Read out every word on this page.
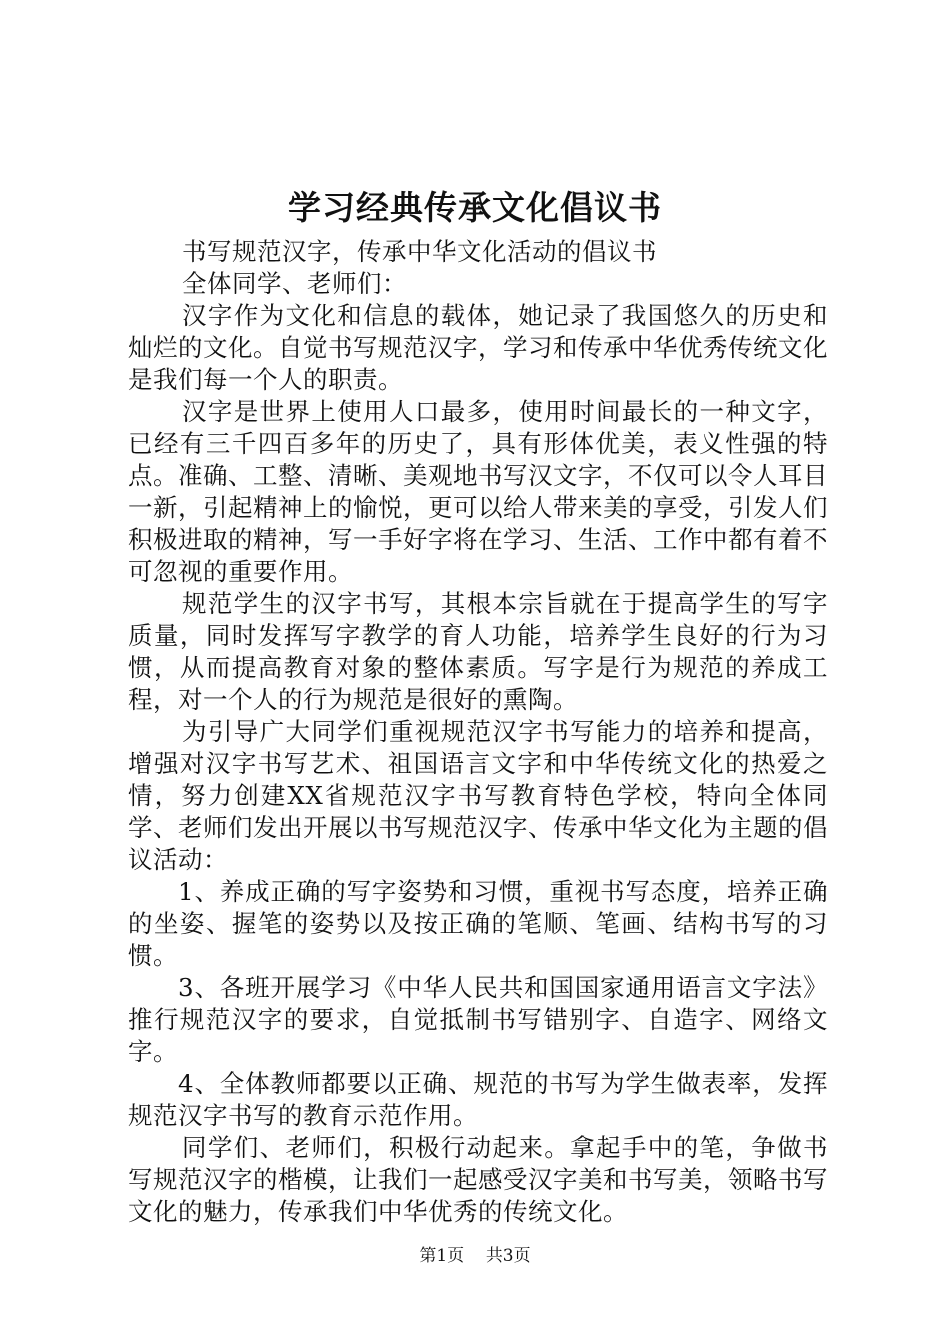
学习经典传承文化倡议书

书写规范汉字，传承中华文化活动的倡议书

全体同学、老师们：

汉字作为文化和信息的载体，她记录了我国悠久的历史和灿烂的文化。自觉书写规范汉字，学习和传承中华优秀传统文化是我们每一个人的职责。

汉字是世界上使用人口最多，使用时间最长的一种文字，已经有三千四百多年的历史了，具有形体优美，表义性强的特点。准确、工整、清晰、美观地书写汉文字，不仅可以令人耳目一新，引起精神上的愉悦，更可以给人带来美的享受，引发人们积极进取的精神，写一手好字将在学习、生活、工作中都有着不可忽视的重要作用。

规范学生的汉字书写，其根本宗旨就在于提高学生的写字质量，同时发挥写字教学的育人功能，培养学生良好的行为习惯，从而提高教育对象的整体素质。写字是行为规范的养成工程，对一个人的行为规范是很好的熏陶。

为引导广大同学们重视规范汉字书写能力的培养和提高，增强对汉字书写艺术、祖国语言文字和中华传统文化的热爱之情，努力创建XX省规范汉字书写教育特色学校，特向全体同学、老师们发出开展以书写规范汉字、传承中华文化为主题的倡议活动：

1、养成正确的写字姿势和习惯，重视书写态度，培养正确的坐姿、握笔的姿势以及按正确的笔顺、笔画、结构书写的习惯。

3、各班开展学习《中华人民共和国国家通用语言文字法》推行规范汉字的要求，自觉抵制书写错别字、自造字、网络文字。

4、全体教师都要以正确、规范的书写为学生做表率，发挥规范汉字书写的教育示范作用。

同学们、老师们，积极行动起来。拿起手中的笔，争做书写规范汉字的楷模，让我们一起感受汉字美和书写美，领略书写文化的魅力，传承我们中华优秀的传统文化。

第1页 共3页
